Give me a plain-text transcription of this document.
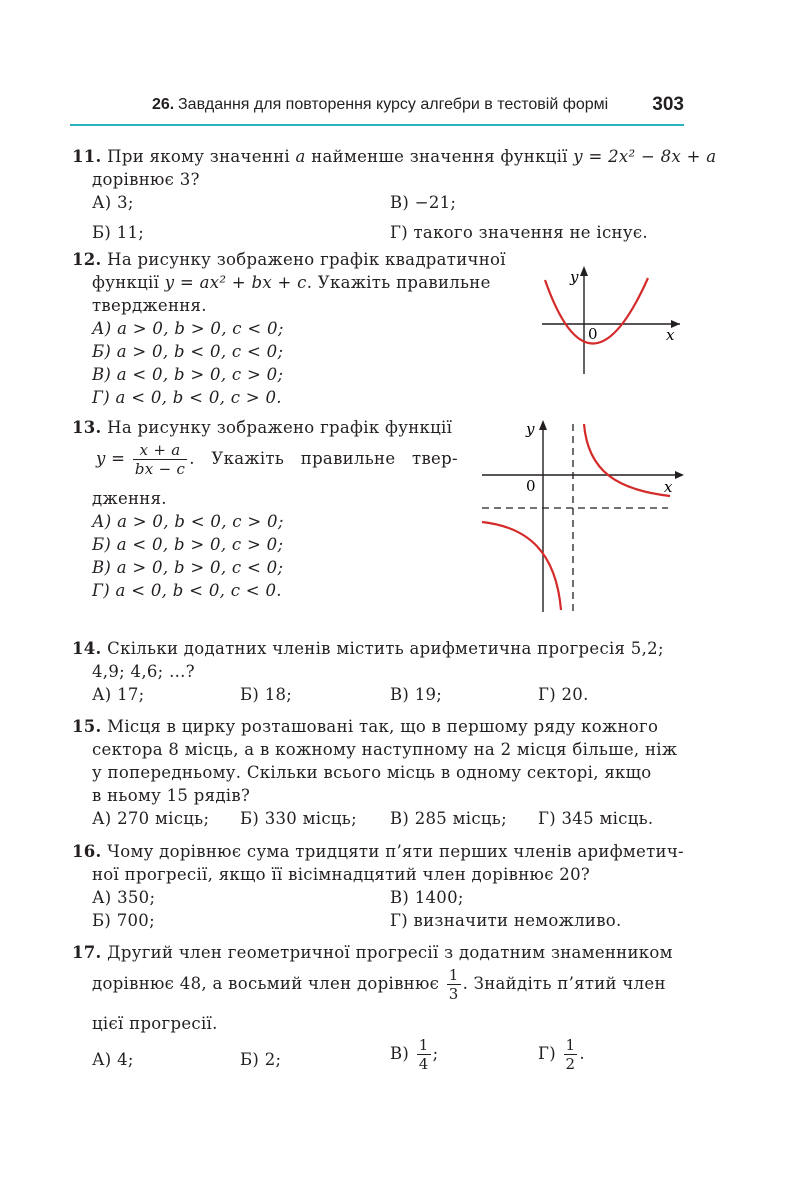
26. Завдання для повторення курсу алгебри в тестовій формі 303
11. При якому значенні a найменше значення функції y = 2x² − 8x + a
дорівнює 3?
А) 3;	В) −21;
Б) 11;	Г) такого значення не існує.
12. На рисунку зображено графік квадратичної
функції y = ax² + bx + c. Укажіть правильне
твердження.
А) a > 0, b > 0, c < 0;
Б) a > 0, b < 0, c < 0;
В) a < 0, b > 0, c > 0;
Г) a < 0, b < 0, c > 0.
y
x
0
13. На рисунку зображено графік функції
$y = \frac{x + a}{bx - c}$ .   Укажіть   правильне   твер-
дження.
А) a > 0, b < 0, c > 0;
Б) a < 0, b > 0, c > 0;
В) a > 0, b > 0, c < 0;
Г) a < 0, b < 0, c < 0.
y
x
0
14. Скільки додатних членів містить арифметична прогресія 5,2;
4,9; 4,6; ...?
А) 17;	Б) 18;	В) 19;	Г) 20.
15. Місця в цирку розташовані так, що в першому ряду кожного
сектора 8 місць, а в кожному наступному на 2 місця більше, ніж
у попередньому. Скільки всього місць в одному секторі, якщо
в ньому 15 рядів?
А) 270 місць; Б) 330 місць; В) 285 місць; Г) 345 місць.
16. Чому дорівнює сума тридцяти п’яти перших членів арифметич-
ної прогресії, якщо її вісімнадцятий член дорівнює 20?
А) 350;	В) 1400;
Б) 700;	Г) визначити неможливо.
17. Другий член геометричної прогресії з додатним знаменником
дорівнює 48, а восьмий член дорівнює $\frac{1}{3}$ . Знайдіть п’ятий член
цієї прогресії.
А) 4;	Б) 2;	$В) \frac{1}{4}$ ;	$Г) \frac{1}{2}$ .
